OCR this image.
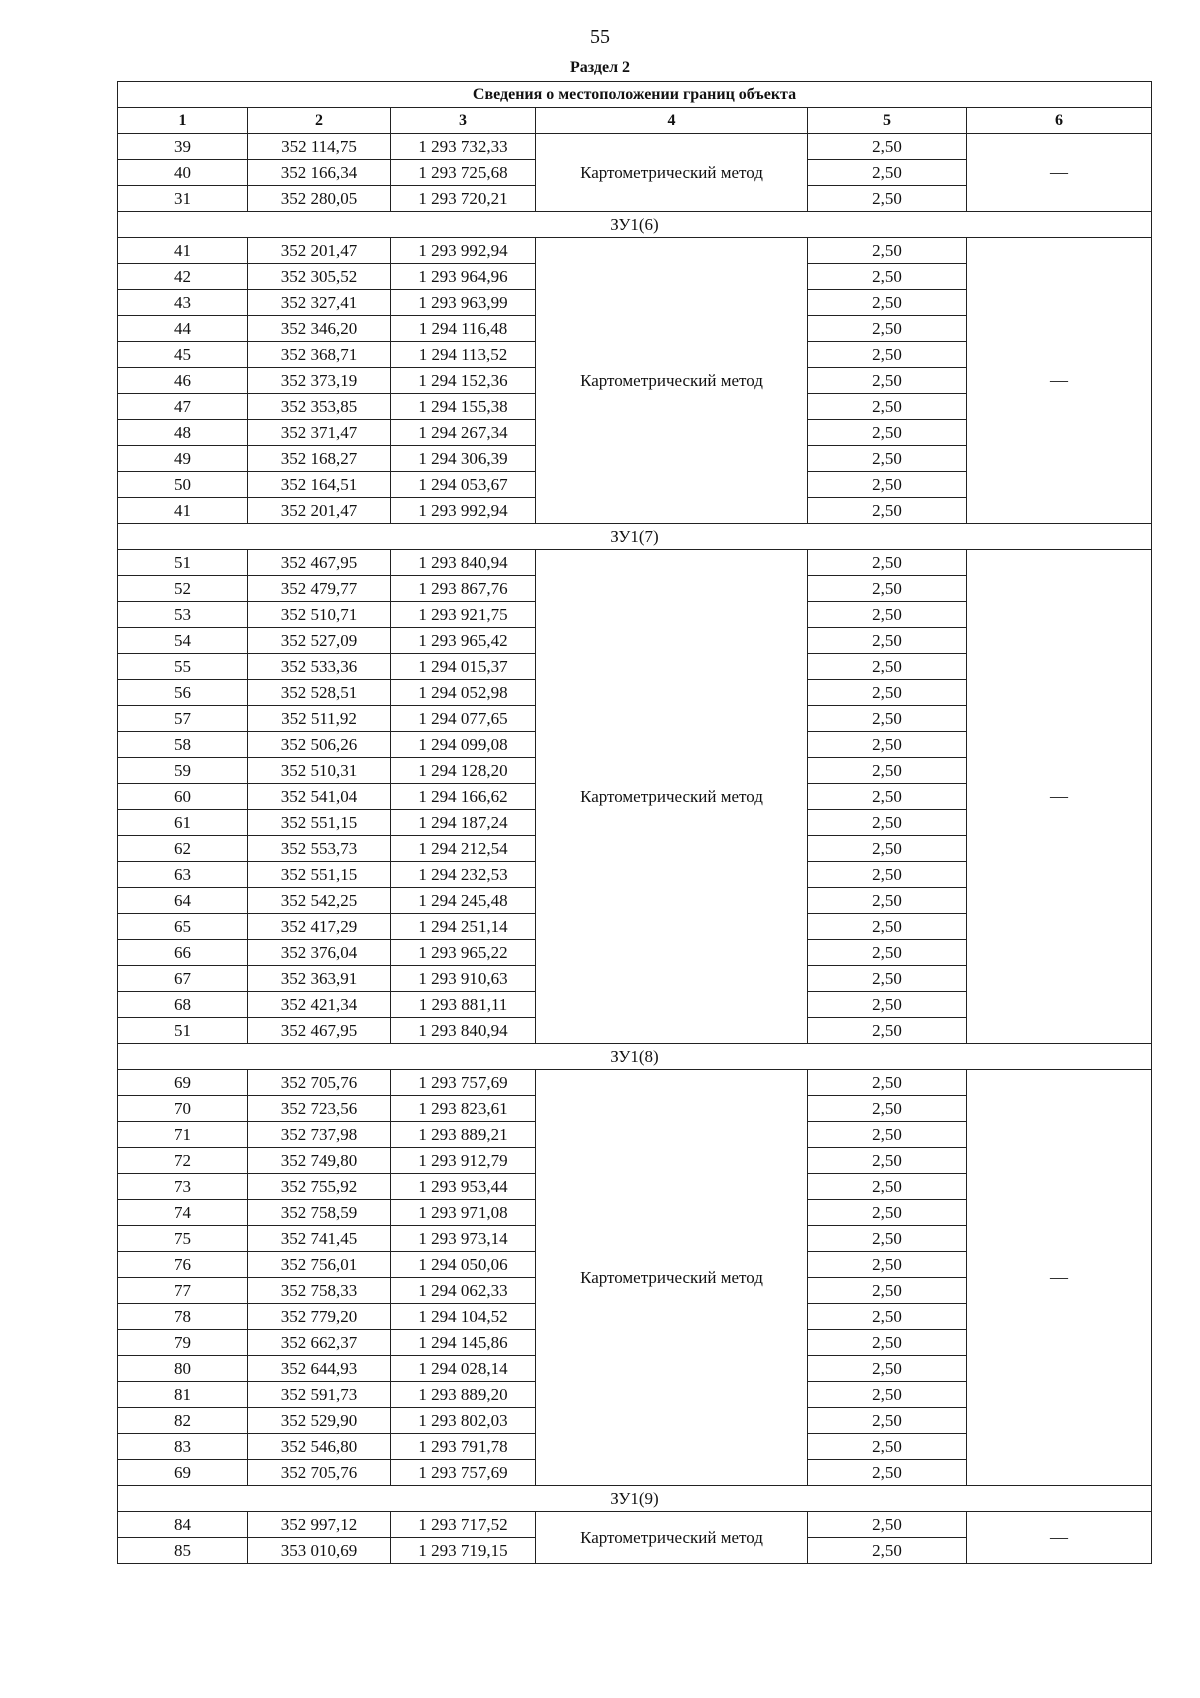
55
Раздел 2
Сведения о местоположении границ объекта					
1	2	3	4	5	6
39	352 114,75	1 293 732,33	Картометрический метод	2,50	—
40	352 166,34	1 293 725,68		2,50	
31	352 280,05	1 293 720,21		2,50	
ЗУ1(6)					
41	352 201,47	1 293 992,94	Картометрический метод	2,50	—
42	352 305,52	1 293 964,96		2,50	
43	352 327,41	1 293 963,99		2,50	
44	352 346,20	1 294 116,48		2,50	
45	352 368,71	1 294 113,52		2,50	
46	352 373,19	1 294 152,36		2,50	
47	352 353,85	1 294 155,38		2,50	
48	352 371,47	1 294 267,34		2,50	
49	352 168,27	1 294 306,39		2,50	
50	352 164,51	1 294 053,67		2,50	
41	352 201,47	1 293 992,94		2,50	
ЗУ1(7)					
51	352 467,95	1 293 840,94	Картометрический метод	2,50	—
52	352 479,77	1 293 867,76		2,50	
53	352 510,71	1 293 921,75		2,50	
54	352 527,09	1 293 965,42		2,50	
55	352 533,36	1 294 015,37		2,50	
56	352 528,51	1 294 052,98		2,50	
57	352 511,92	1 294 077,65		2,50	
58	352 506,26	1 294 099,08		2,50	
59	352 510,31	1 294 128,20		2,50	
60	352 541,04	1 294 166,62		2,50	
61	352 551,15	1 294 187,24		2,50	
62	352 553,73	1 294 212,54		2,50	
63	352 551,15	1 294 232,53		2,50	
64	352 542,25	1 294 245,48		2,50	
65	352 417,29	1 294 251,14		2,50	
66	352 376,04	1 293 965,22		2,50	
67	352 363,91	1 293 910,63		2,50	
68	352 421,34	1 293 881,11		2,50	
51	352 467,95	1 293 840,94		2,50	
ЗУ1(8)					
69	352 705,76	1 293 757,69	Картометрический метод	2,50	—
70	352 723,56	1 293 823,61		2,50	
71	352 737,98	1 293 889,21		2,50	
72	352 749,80	1 293 912,79		2,50	
73	352 755,92	1 293 953,44		2,50	
74	352 758,59	1 293 971,08		2,50	
75	352 741,45	1 293 973,14		2,50	
76	352 756,01	1 294 050,06		2,50	
77	352 758,33	1 294 062,33		2,50	
78	352 779,20	1 294 104,52		2,50	
79	352 662,37	1 294 145,86		2,50	
80	352 644,93	1 294 028,14		2,50	
81	352 591,73	1 293 889,20		2,50	
82	352 529,90	1 293 802,03		2,50	
83	352 546,80	1 293 791,78		2,50	
69	352 705,76	1 293 757,69		2,50	
ЗУ1(9)					
84	352 997,12	1 293 717,52	Картометрический метод	2,50	—
85	353 010,69	1 293 719,15		2,50	
